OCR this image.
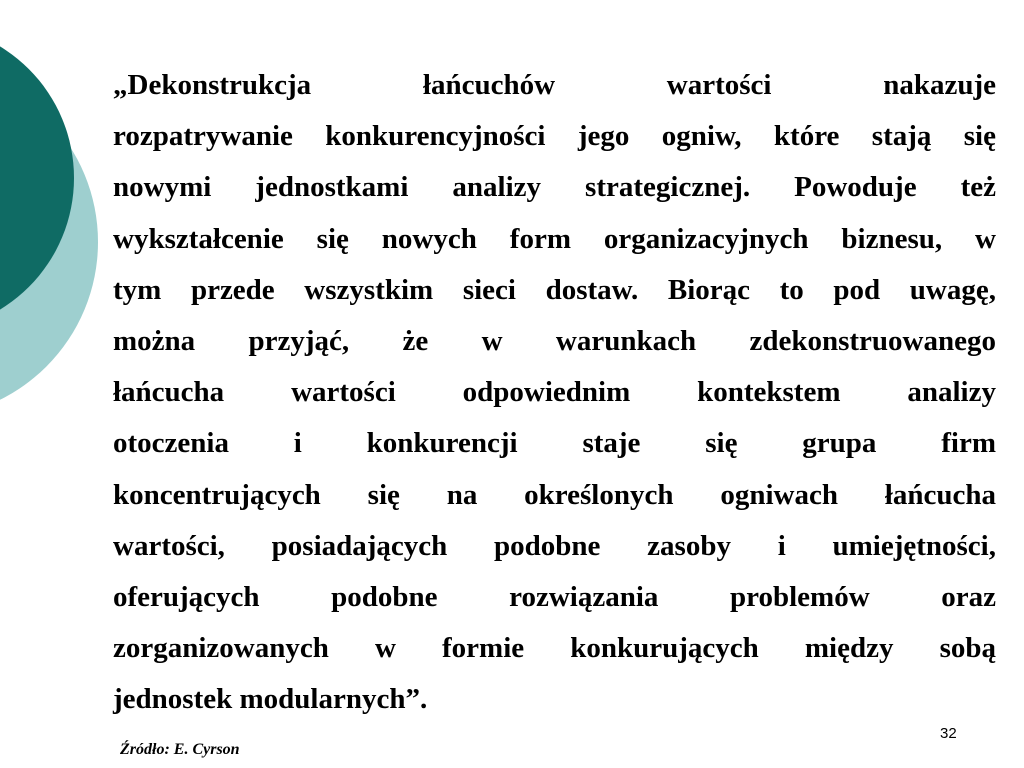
„Dekonstrukcja łańcuchów wartości nakazuje
rozpatrywanie konkurencyjności jego ogniw, które stają się
nowymi jednostkami analizy strategicznej. Powoduje też
wykształcenie się nowych form organizacyjnych biznesu, w
tym przede wszystkim sieci dostaw. Biorąc to pod uwagę,
można przyjąć, że w warunkach zdekonstruowanego
łańcucha wartości odpowiednim kontekstem analizy
otoczenia i konkurencji staje się grupa firm
koncentrujących się na określonych ogniwach łańcucha
wartości, posiadających podobne zasoby i umiejętności,
oferujących podobne rozwiązania problemów oraz
zorganizowanych w formie konkurujących między sobą
jednostek modularnych”.
32
Źródło: E. Cyrson
